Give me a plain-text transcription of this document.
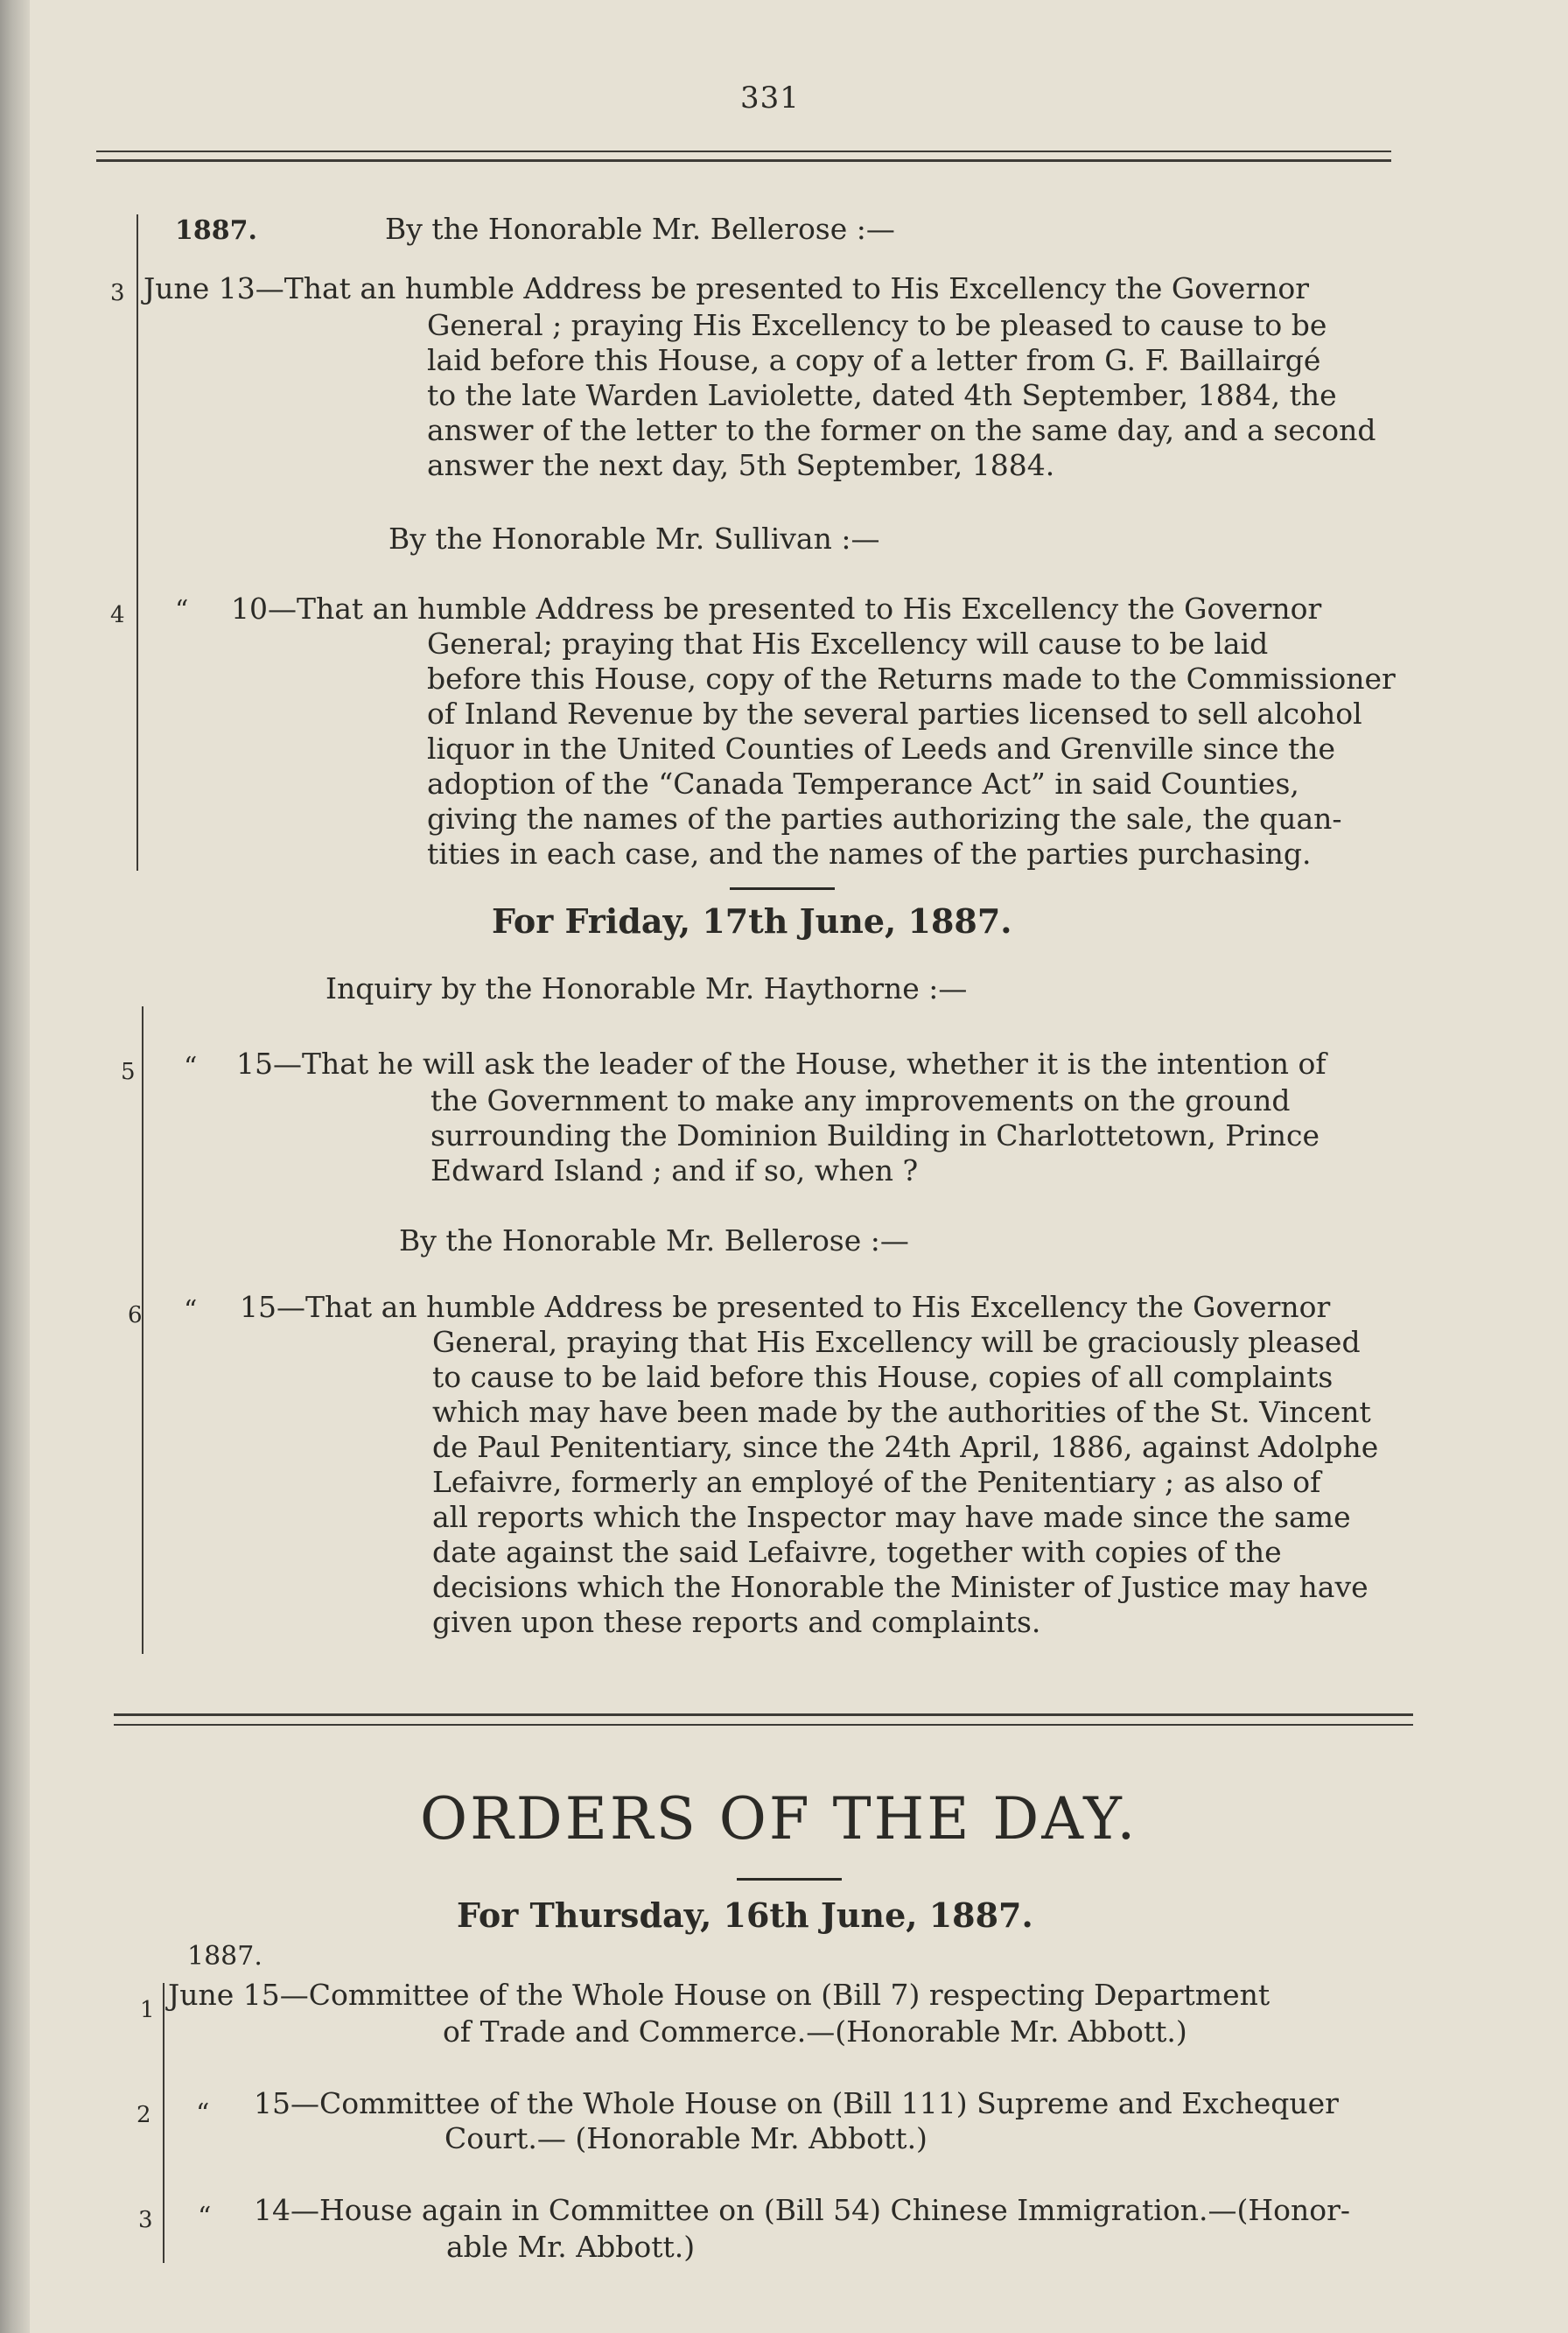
331
1887.	By the Honorable Mr. Bellerose :—
3 June 13—That an humble Address be presented to His Excellency the Governor
General ; praying His Excellency to be pleased to cause to be
laid before this House, a copy of a letter from G. F. Baillairgé
to the late Warden Laviolette, dated 4th September, 1884, the
answer of the letter to the former on the same day, and a second
answer the next day, 5th September, 1884.
By the Honorable Mr. Sullivan :—
4 “ 10—That an humble Address be presented to His Excellency the Governor
General; praying that His Excellency will cause to be laid
before this House, copy of the Returns made to the Commissioner
of Inland Revenue by the several parties licensed to sell alcohol
liquor in the United Counties of Leeds and Grenville since the
adoption of the “Canada Temperance Act” in said Counties,
giving the names of the parties authorizing the sale, the quan-
tities in each case, and the names of the parties purchasing.
For Friday, 17th June, 1887.
Inquiry by the Honorable Mr. Haythorne :—
5 “ 15—That he will ask the leader of the House, whether it is the intention of
the Government to make any improvements on the ground
surrounding the Dominion Building in Charlottetown, Prince
Edward Island ; and if so, when ?
By the Honorable Mr. Bellerose :—
6 “ 15—That an humble Address be presented to His Excellency the Governor
General, praying that His Excellency will be graciously pleased
to cause to be laid before this House, copies of all complaints
which may have been made by the authorities of the St. Vincent
de Paul Penitentiary, since the 24th April, 1886, against Adolphe
Lefaivre, formerly an employé of the Penitentiary ; as also of
all reports which the Inspector may have made since the same
date against the said Lefaivre, together with copies of the
decisions which the Honorable the Minister of Justice may have
given upon these reports and complaints.
ORDERS OF THE DAY.
For Thursday, 16th June, 1887.
1887.
1 June 15—Committee of the Whole House on (Bill 7) respecting Department
of Trade and Commerce.—(Honorable Mr. Abbott.)
2 “ 15—Committee of the Whole House on (Bill 111) Supreme and Exchequer
Court.— (Honorable Mr. Abbott.)
3 “ 14—House again in Committee on (Bill 54) Chinese Immigration.—(Honor-
able Mr. Abbott.)
